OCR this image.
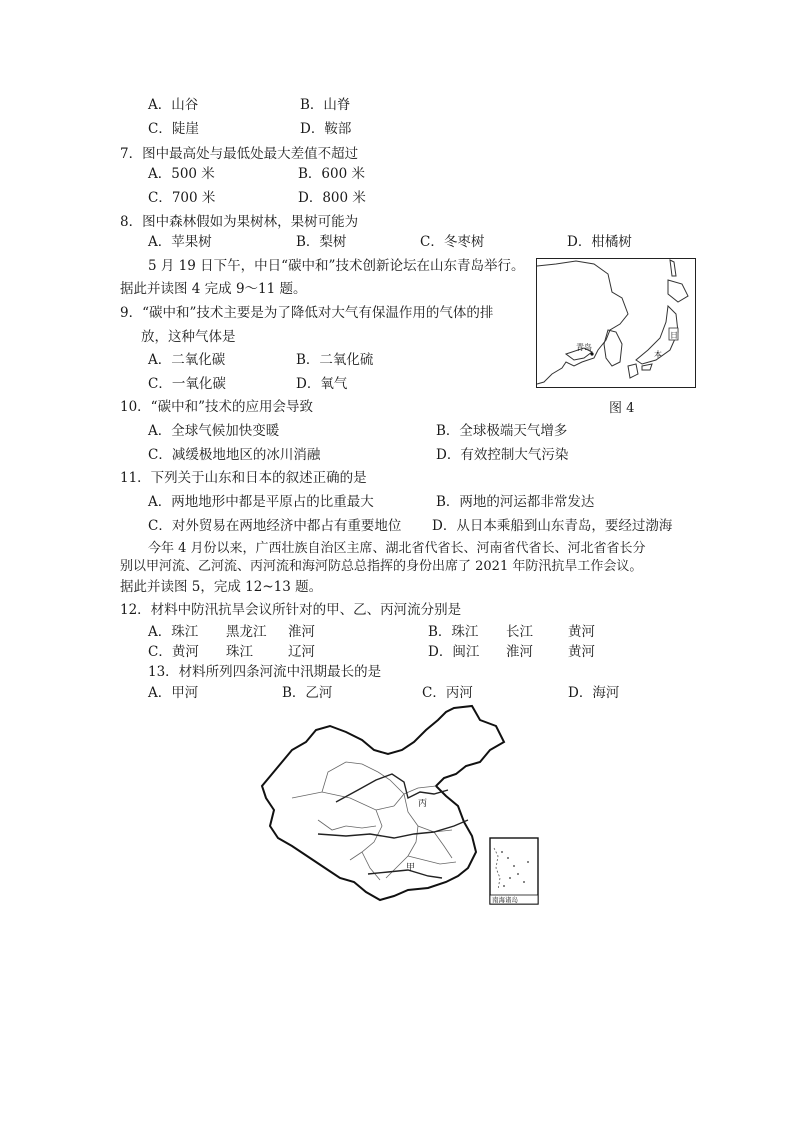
A．山谷	B．山脊
C．陡崖	D．鞍部
7．图中最高处与最低处最大差值不超过
A．500 米	B．600 米
C．700 米	D．800 米
8．图中森林假如为果树林，果树可能为
A．苹果树	B．梨树	C．冬枣树	D．柑橘树
5 月 19 日下午，中日“碳中和”技术创新论坛在山东青岛举行。
据此并读图 4 完成 9～11 题。
9．“碳中和”技术主要是为了降低对大气有保温作用的气体的排
放，这种气体是
A．二氧化碳	B．二氧化硫
C．一氧化碳	D．氧气
10．“碳中和”技术的应用会导致
A．全球气候加快变暖	B．全球极端天气增多
C．减缓极地地区的冰川消融	D．有效控制大气污染
11．下列关于山东和日本的叙述正确的是
A．两地地形中都是平原占的比重最大	B．两地的河运都非常发达
C．对外贸易在两地经济中都占有重要地位 D．从日本乘船到山东青岛，要经过渤海
今年 4 月份以来，广西壮族自治区主席、湖北省代省长、河南省代省长、河北省省长分
别以甲河流、乙河流、丙河流和海河防总总指挥的身份出席了 2021 年防汛抗旱工作会议。
据此并读图 5，完成 12~13 题。
12．材料中防汛抗旱会议所针对的甲、乙、丙河流分别是
A．珠江 黑龙江 淮河	B．珠江 长江	黄河
C．黄河 珠江	辽河	D．闽江 淮河	黄河
13．材料所列四条河流中汛期最长的是
A．甲河	B．乙河	C．丙河	D．海河
青岛
日
本
图 4
丙
甲
南海诸岛
